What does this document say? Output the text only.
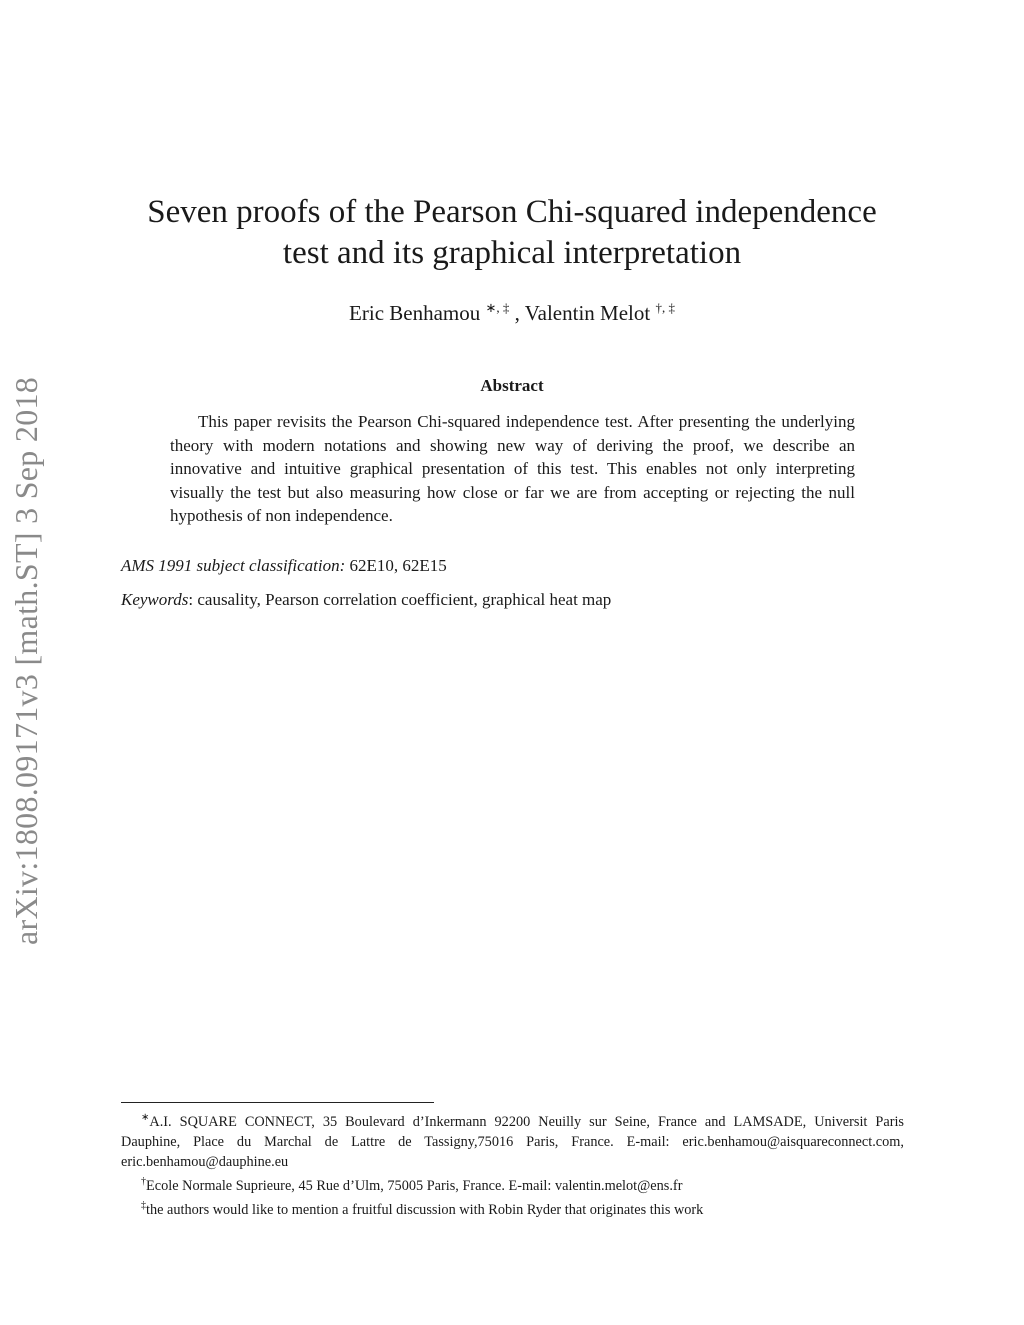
arXiv:1808.09171v3 [math.ST] 3 Sep 2018

Seven proofs of the Pearson Chi-squared independence
test and its graphical interpretation

Eric Benhamou ∗, ‡ , Valentin Melot †, ‡

Abstract

This paper revisits the Pearson Chi-squared independence test. After presenting the underlying theory with modern notations and showing new way of deriving the proof, we describe an innovative and intuitive graphical presentation of this test. This enables not only interpreting visually the test but also measuring how close or far we are from accepting or rejecting the null hypothesis of non independence.

AMS 1991 subject classification: 62E10, 62E15

Keywords: causality, Pearson correlation coefficient, graphical heat map

∗A.I. SQUARE CONNECT, 35 Boulevard d’Inkermann 92200 Neuilly sur Seine, France and LAMSADE, Universit Paris Dauphine, Place du Marchal de Lattre de Tassigny,75016 Paris, France. E-mail: eric.benhamou@aisquareconnect.com, eric.benhamou@dauphine.eu

†Ecole Normale Suprieure, 45 Rue d’Ulm, 75005 Paris, France. E-mail: valentin.melot@ens.fr

‡the authors would like to mention a fruitful discussion with Robin Ryder that originates this work
